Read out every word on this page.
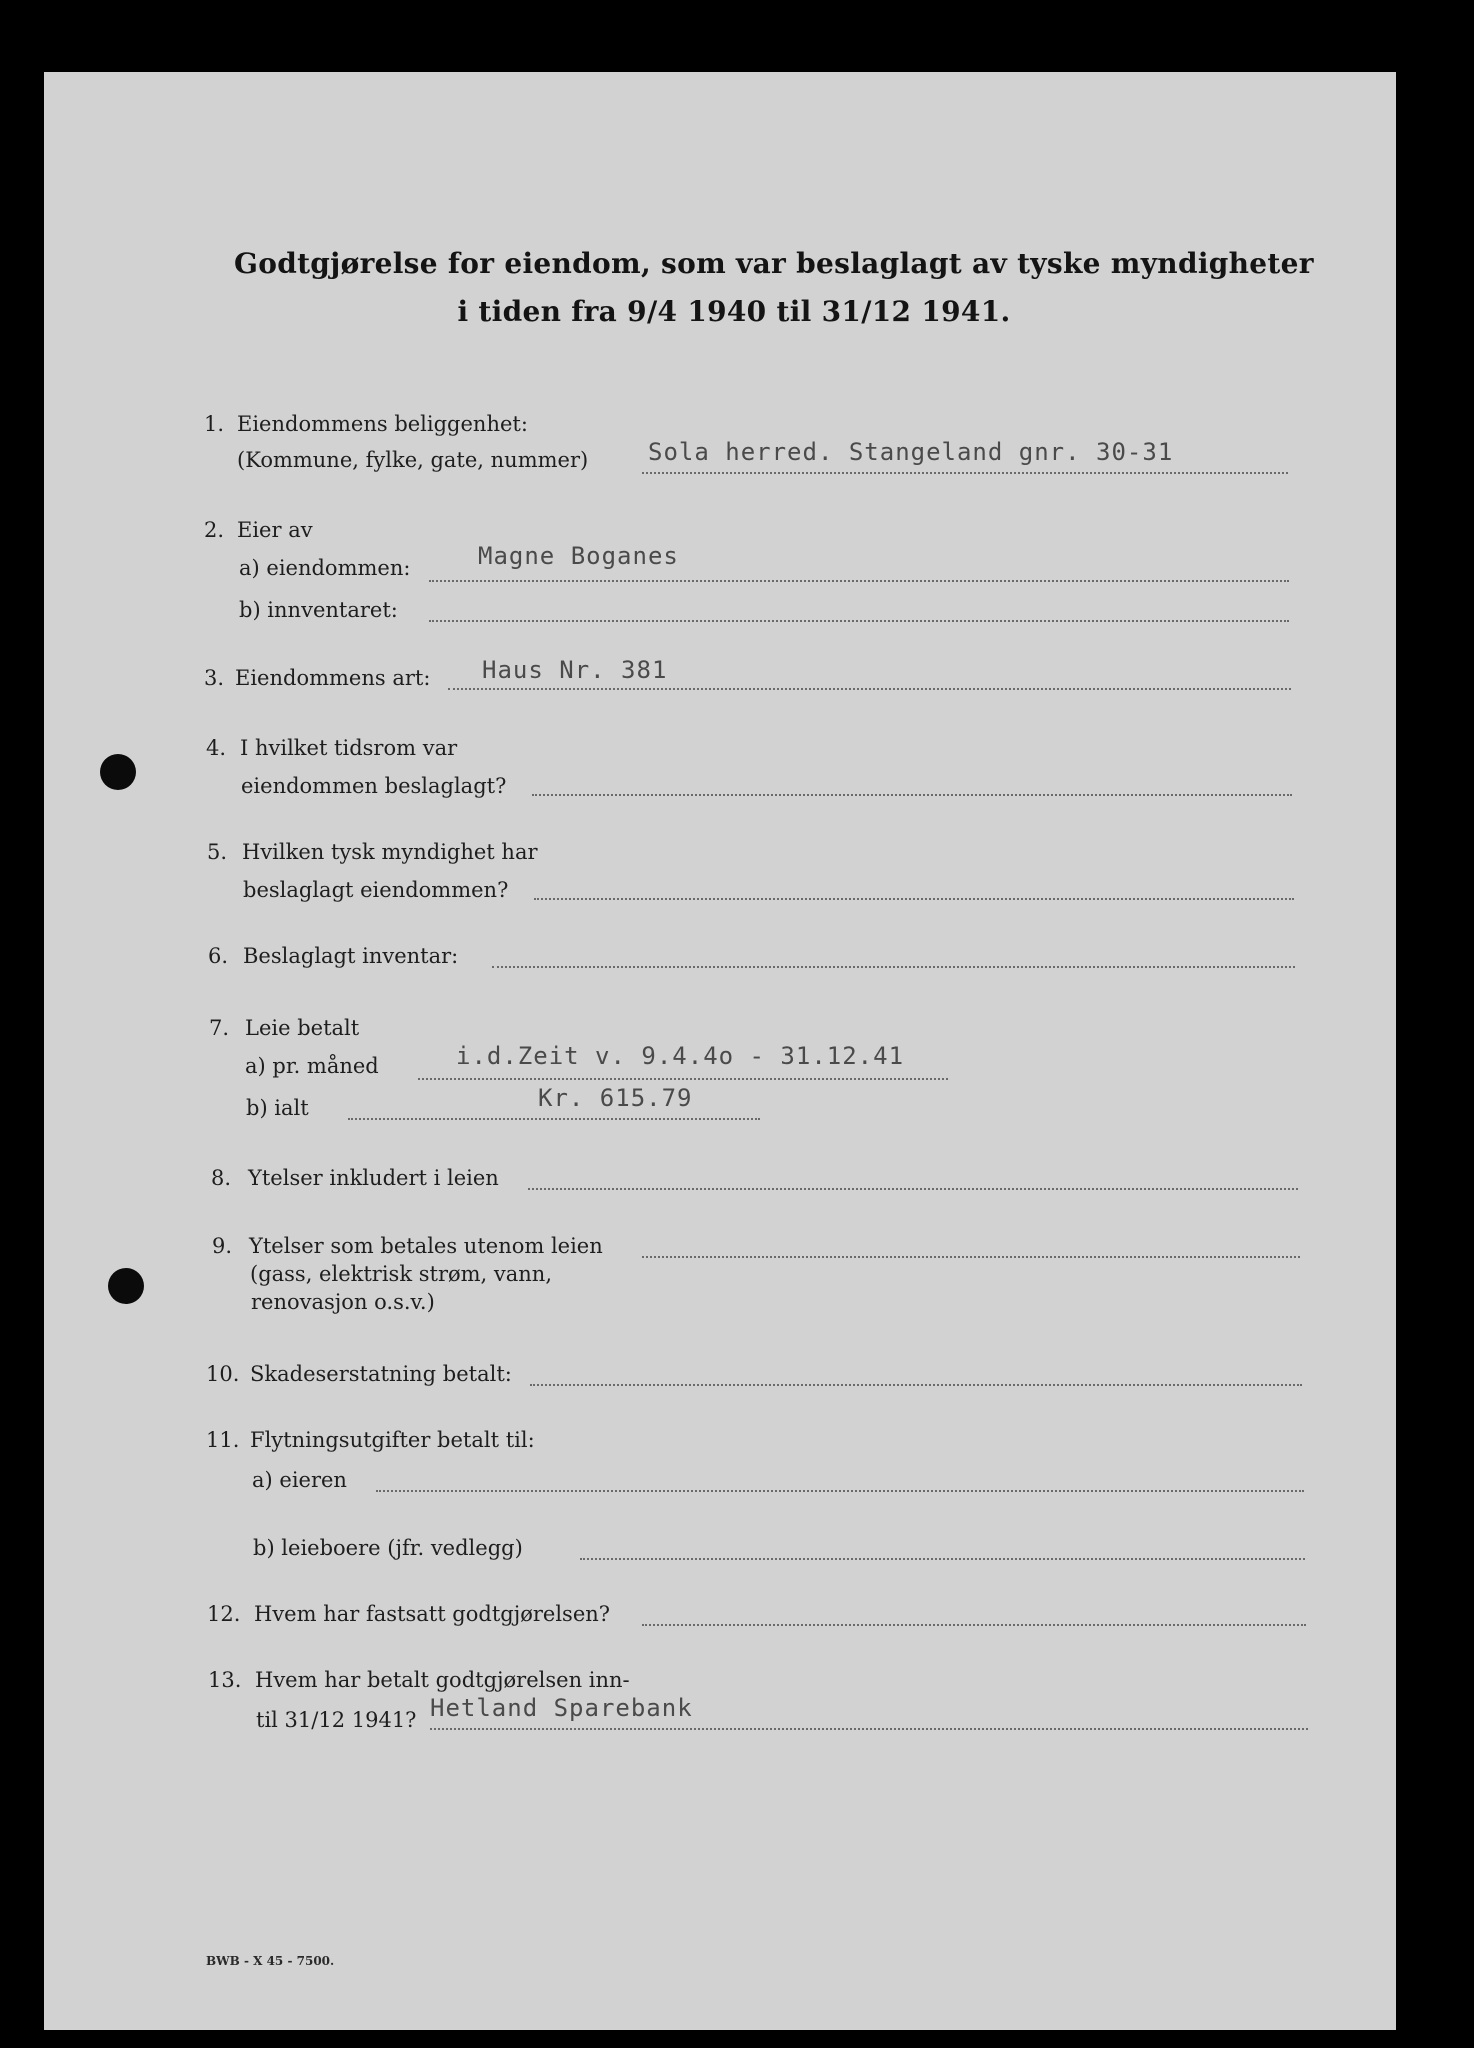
Godtgjørelse for eiendom, som var beslaglagt av tyske myndigheter
i tiden fra 9/4 1940 til 31/12 1941.
1. Eiendommens beliggenhet:
(Kommune, fylke, gate, nummer) Sola herred. Stangeland gnr. 30-31
2. Eier av
a) eiendommen:	Magne Boganes
b) innventaret:
3. Eiendommens art: Haus Nr. 381
4. I hvilket tidsrom var
eiendommen beslaglagt?
5. Hvilken tysk myndighet har
beslaglagt eiendommen?
6. Beslaglagt inventar:
7. Leie betalt
a) pr. måned	i.d.Zeit v. 9.4.4o - 31.12.41
b) ialt	Kr. 615.79
8. Ytelser inkludert i leien
9. Ytelser som betales utenom leien
(gass, elektrisk strøm, vann,
renovasjon o.s.v.)
10. Skadeserstatning betalt:
11. Flytningsutgifter betalt til:
a) eieren
b) leieboere (jfr. vedlegg)
12. Hvem har fastsatt godtgjørelsen?
13. Hvem har betalt godtgjørelsen inn-
til 31/12 1941? Hetland Sparebank
BWB - X 45 - 7500.
